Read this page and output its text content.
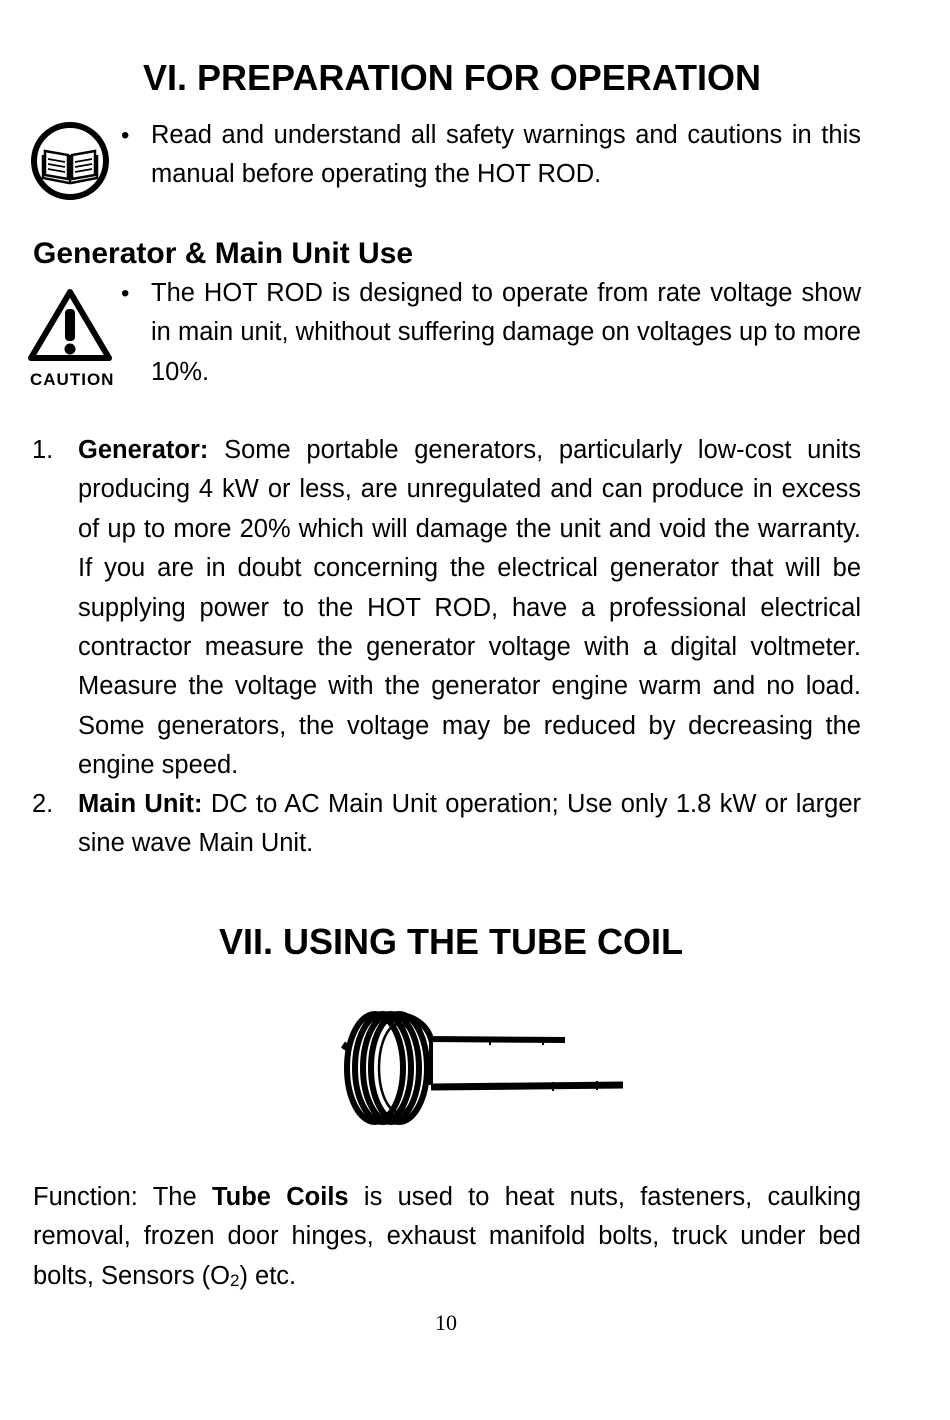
VI. PREPARATION FOR OPERATION
• Read and understand all safety warnings and cautions in this manual before operating the HOT ROD.

Generator & Main Unit Use
CAUTION
• The HOT ROD is designed to operate from rate voltage show in main unit, whithout suffering damage on voltages up to more 10%.

1. Generator: Some portable generators, particularly low-cost units producing 4 kW or less, are unregulated and can produce in excess of up to more 20% which will damage the unit and void the warranty. If you are in doubt concerning the electrical generator that will be supplying power to the HOT ROD, have a professional electrical contractor measure the generator voltage with a digital voltmeter. Measure the voltage with the generator engine warm and no load. Some generators, the voltage may be reduced by decreasing the engine speed.

2. Main Unit: DC to AC Main Unit operation; Use only 1.8 kW or larger sine wave Main Unit.

VII. USING THE TUBE COIL

Function: The Tube Coils is used to heat nuts, fasteners, caulking removal, frozen door hinges, exhaust manifold bolts, truck under bed bolts, Sensors $(O_2)$ etc.

10
